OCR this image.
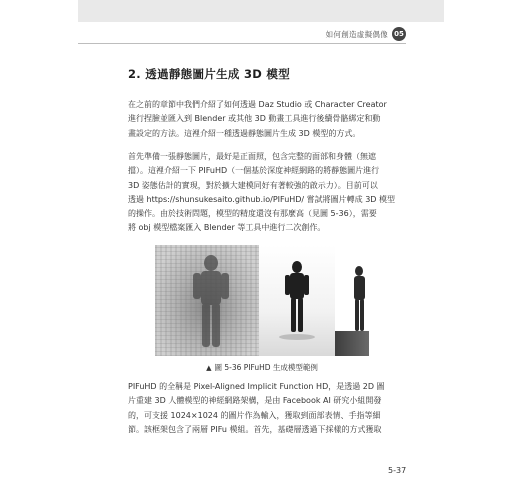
如何創造虛擬偶像 05
2. 透過靜態圖片生成 3D 模型

在之前的章節中我們介紹了如何透過 Daz Studio 或 Character Creator
進行捏臉並匯入到 Blender 或其他 3D 動畫工具進行後續骨骼綁定和動
畫設定的方法。這裡介紹一種透過靜態圖片生成 3D 模型的方式。

首先準備一張靜態圖片，最好是正面照，包含完整的面部和身體（無遮
擋）。這裡介紹一下 PIFuHD（一個基於深度神經網路的將靜態圖片進行
3D 姿態估計的實現，對於擴大建模同好有著較強的啟示力）。目前可以
透過 https://shunsukesaito.github.io/PIFuHD/ 嘗試將圖片轉成 3D 模型
的操作。由於技術問題，模型的精度還沒有那麼高（見圖 5-36），需要
將 obj 模型檔案匯入 Blender 等工具中進行二次創作。

▲ 圖 5-36 PIFuHD 生成模型範例

PIFuHD 的全稱是 Pixel-Aligned Implicit Function HD，是透過 2D 圖
片重建 3D 人體模型的神經網路架構，是由 Facebook AI 研究小組開發
的，可支援 1024×1024 的圖片作為輸入，獲取到面部表情、手指等細
節。該框架包含了兩層 PIFu 模組。首先，基礎層透過下採樣的方式獲取

5-37
